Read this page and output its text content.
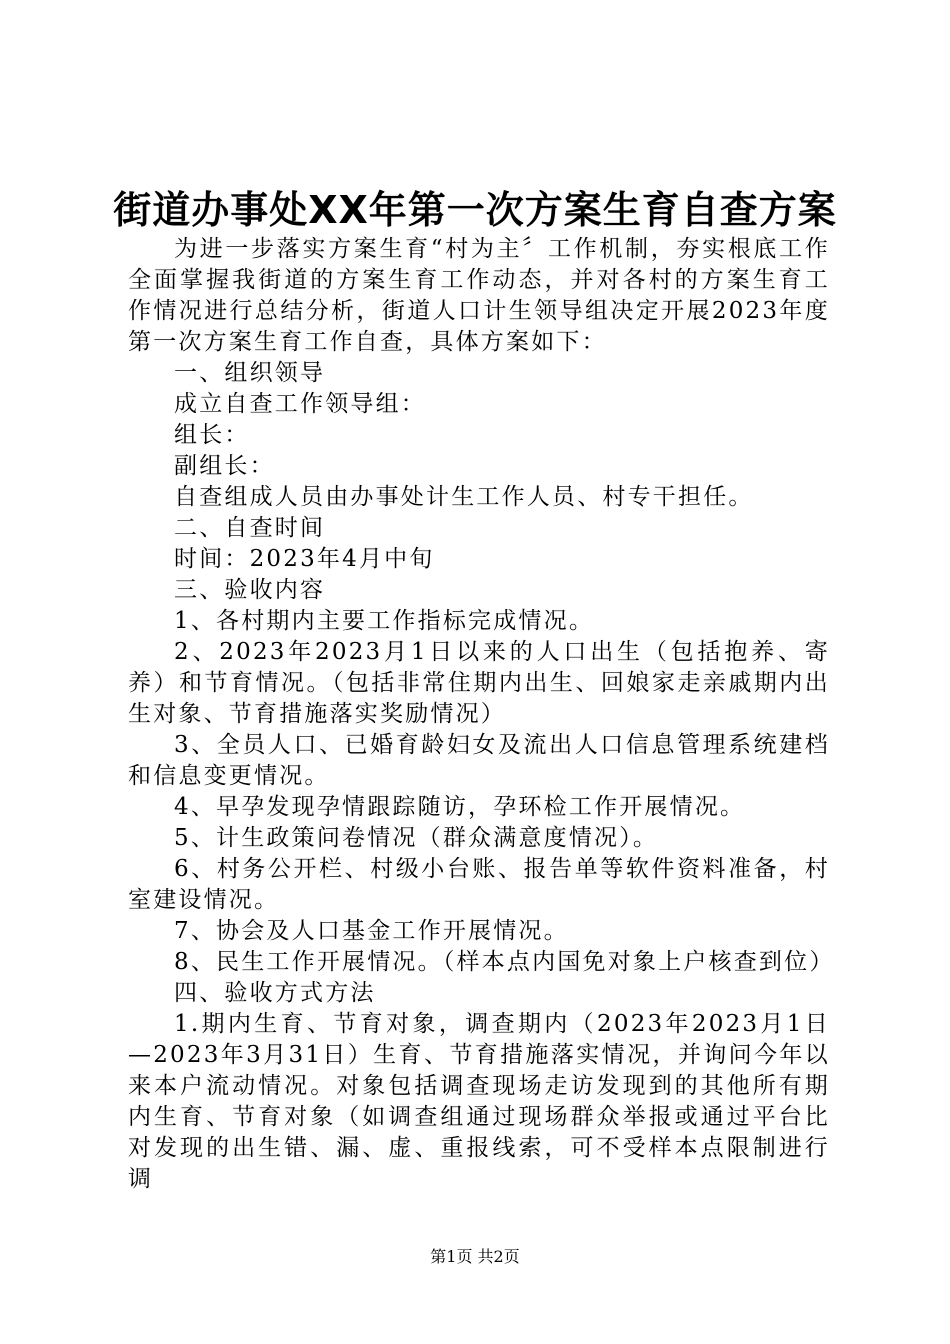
街道办事处XX年第一次方案生育自查方案

为进一步落实方案生育“村为主〞工作机制，夯实根底工作全面掌握我街道的方案生育工作动态，并对各村的方案生育工作情况进行总结分析，街道人口计生领导组决定开展2023年度第一次方案生育工作自查，具体方案如下：

一、组织领导

成立自查工作领导组：

组长：

副组长：

自查组成人员由办事处计生工作人员、村专干担任。

二、自查时间

时间：2023年4月中旬

三、验收内容

1、各村期内主要工作指标完成情况。

2、2023年2023月1日以来的人口出生（包括抱养、寄养）和节育情况。（包括非常住期内出生、回娘家走亲戚期内出生对象、节育措施落实奖励情况）

3、全员人口、已婚育龄妇女及流出人口信息管理系统建档和信息变更情况。

4、早孕发现孕情跟踪随访，孕环检工作开展情况。

5、计生政策问卷情况（群众满意度情况）。

6、村务公开栏、村级小台账、报告单等软件资料准备，村室建设情况。

7、协会及人口基金工作开展情况。

8、民生工作开展情况。（样本点内国免对象上户核查到位）

四、验收方式方法

1.期内生育、节育对象，调查期内（2023年2023月1日—2023年3月31日）生育、节育措施落实情况，并询问今年以来本户流动情况。对象包括调查现场走访发现到的其他所有期内生育、节育对象（如调查组通过现场群众举报或通过平台比对发现的出生错、漏、虚、重报线索，可不受样本点限制进行调

第1页 共2页
